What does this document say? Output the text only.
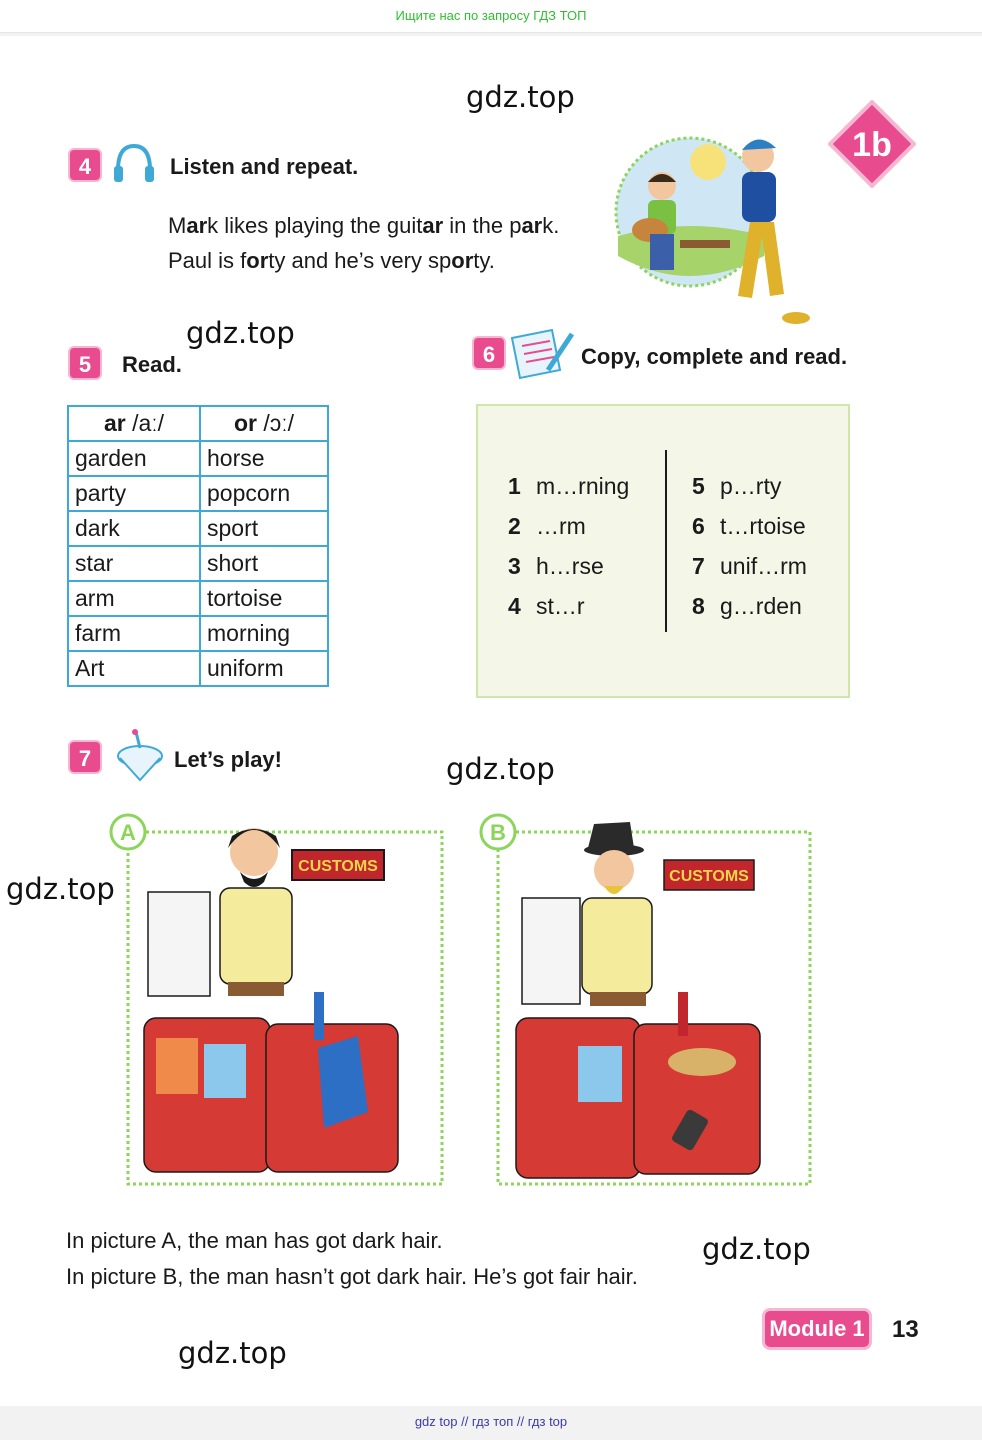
Ищите нас по запросу ГДЗ ТОП
gdz.top
gdz.top
gdz.top
gdz.top
gdz.top
gdz.top
1b
4	Listen and repeat.
Mark likes playing the guitar in the park.
Paul is forty and he’s very sporty.
5	Read.
ar /aː/	or /ɔː/
garden	horse
party	popcorn
dark	sport
star	short
arm	tortoise
farm	morning
Art	uniform
6	Copy, complete and read.
1 m…rning
2 …rm
3 h…rse
4 st…r
5 p…rty
6 t…rtoise
7 unif…rm
8 g…rden
7	Let’s play!
A
CUSTOMS
B
CUSTOMS
In picture A, the man has got dark hair.
In picture B, the man hasn’t got dark hair. He’s got fair hair.
Module 1	13
gdz top // гдз топ // гдз top
